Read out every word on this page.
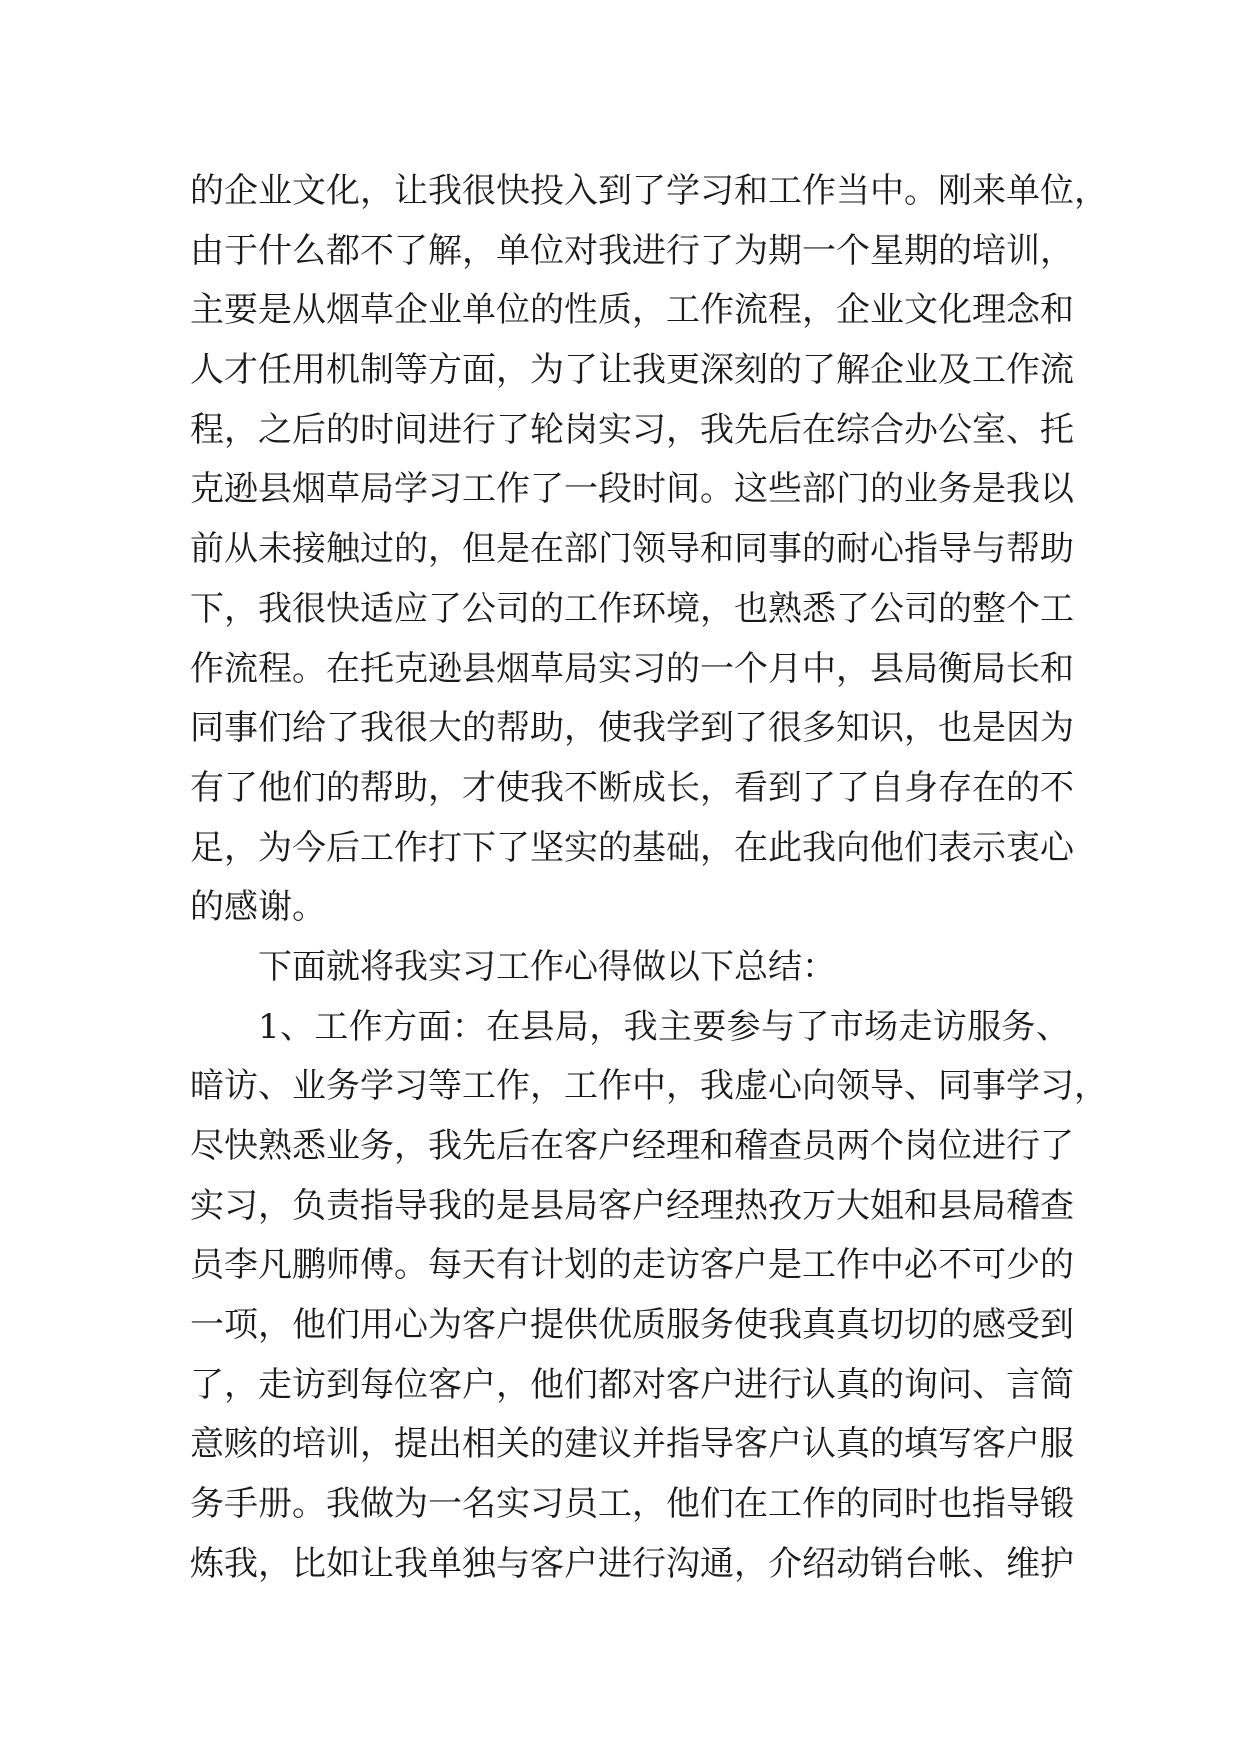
的 企 业 文 化 ， 让 我 很 快 投 入 到 了 学 习 和 工 作 当 中 。 刚 来 单 位 ，
由 于 什 么 都 不 了 解 ， 单 位 对 我 进 行 了 为 期 一 个 星 期 的 培 训 ，
主 要 是 从 烟 草 企 业 单 位 的 性 质 ， 工 作 流 程 ， 企 业 文 化 理 念 和
人 才 任 用 机 制 等 方 面 ， 为 了 让 我 更 深 刻 的 了 解 企 业 及 工 作 流
程 ， 之 后 的 时 间 进 行 了 轮 岗 实 习 ， 我 先 后 在 综 合 办 公 室 、 托
克 逊 县 烟 草 局 学 习 工 作 了 一 段 时 间 。 这 些 部 门 的 业 务 是 我 以
前 从 未 接 触 过 的 ， 但 是 在 部 门 领 导 和 同 事 的 耐 心 指 导 与 帮 助
下 ， 我 很 快 适 应 了 公 司 的 工 作 环 境 ， 也 熟 悉 了 公 司 的 整 个 工
作 流 程 。 在 托 克 逊 县 烟 草 局 实 习 的 一 个 月 中 ， 县 局 衡 局 长 和
同 事 们 给 了 我 很 大 的 帮 助 ， 使 我 学 到 了 很 多 知 识 ， 也 是 因 为
有 了 他 们 的 帮 助 ， 才 使 我 不 断 成 长 ， 看 到 了 了 自 身 存 在 的 不
足 ， 为 今 后 工 作 打 下 了 坚 实 的 基 础 ， 在 此 我 向 他 们 表 示 衷 心
的感谢。
下面就将我实习工作心得做以下总结：
1 、 工 作 方 面 ： 在 县 局 ， 我 主 要 参 与 了 市 场 走 访 服 务 、
暗 访 、 业 务 学 习 等 工 作 ， 工 作 中 ， 我 虚 心 向 领 导 、 同 事 学 习 ，
尽 快 熟 悉 业 务 ， 我 先 后 在 客 户 经 理 和 稽 查 员 两 个 岗 位 进 行 了
实 习 ， 负 责 指 导 我 的 是 县 局 客 户 经 理 热 孜 万 大 姐 和 县 局 稽 查
员 李 凡 鹏 师 傅 。 每 天 有 计 划 的 走 访 客 户 是 工 作 中 必 不 可 少 的
一 项 ， 他 们 用 心 为 客 户 提 供 优 质 服 务 使 我 真 真 切 切 的 感 受 到
了 ， 走 访 到 每 位 客 户 ， 他 们 都 对 客 户 进 行 认 真 的 询 问 、 言 简
意 赅 的 培 训 ， 提 出 相 关 的 建 议 并 指 导 客 户 认 真 的 填 写 客 户 服
务 手 册 。 我 做 为 一 名 实 习 员 工 ， 他 们 在 工 作 的 同 时 也 指 导 锻
炼 我 ， 比 如 让 我 单 独 与 客 户 进 行 沟 通 ， 介 绍 动 销 台 帐 、 维 护
